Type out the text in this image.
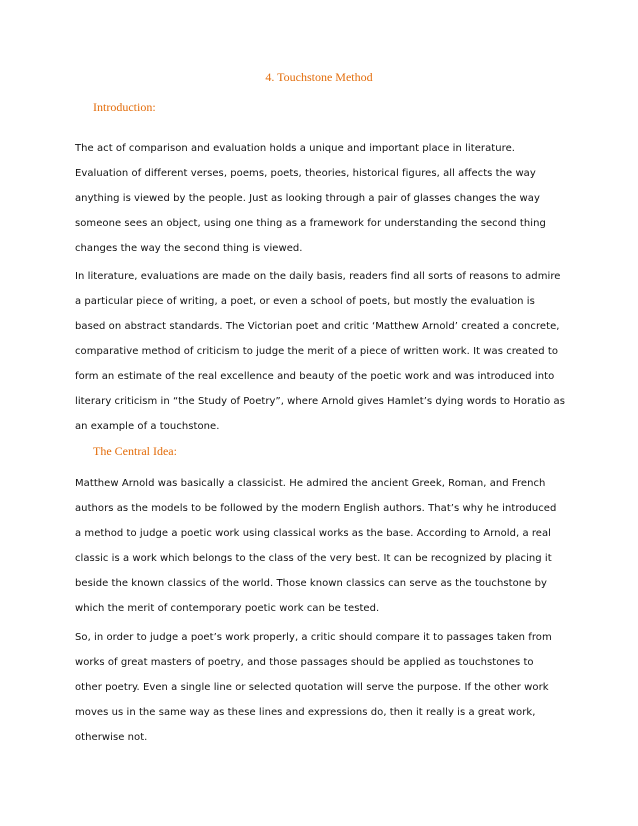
4. Touchstone Method
Introduction:

The act of comparison and evaluation holds a unique and important place in literature.
Evaluation of different verses, poems, poets, theories, historical figures, all affects the way
anything is viewed by the people. Just as looking through a pair of glasses changes the way
someone sees an object, using one thing as a framework for understanding the second thing
changes the way the second thing is viewed.

In literature, evaluations are made on the daily basis, readers find all sorts of reasons to admire
a particular piece of writing, a poet, or even a school of poets, but mostly the evaluation is
based on abstract standards. The Victorian poet and critic ‘Matthew Arnold’ created a concrete,
comparative method of criticism to judge the merit of a piece of written work. It was created to
form an estimate of the real excellence and beauty of the poetic work and was introduced into
literary criticism in “the Study of Poetry”, where Arnold gives Hamlet’s dying words to Horatio as
an example of a touchstone.

The Central Idea:

Matthew Arnold was basically a classicist. He admired the ancient Greek, Roman, and French
authors as the models to be followed by the modern English authors. That’s why he introduced
a method to judge a poetic work using classical works as the base. According to Arnold, a real
classic is a work which belongs to the class of the very best. It can be recognized by placing it
beside the known classics of the world. Those known classics can serve as the touchstone by
which the merit of contemporary poetic work can be tested.

So, in order to judge a poet’s work properly, a critic should compare it to passages taken from
works of great masters of poetry, and those passages should be applied as touchstones to
other poetry. Even a single line or selected quotation will serve the purpose. If the other work
moves us in the same way as these lines and expressions do, then it really is a great work,
otherwise not.
